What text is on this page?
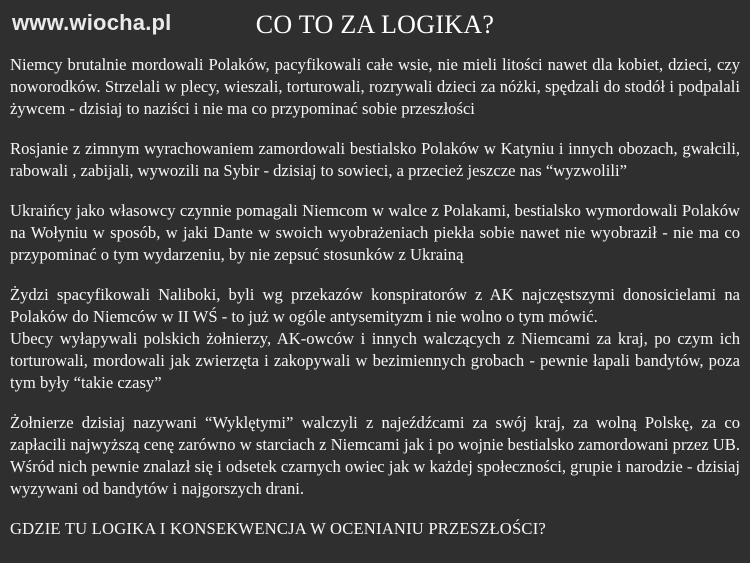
www.wiocha.pl	CO TO ZA LOGIKA?

Niemcy brutalnie mordowali Polaków, pacyfikowali całe wsie, nie mieli litości nawet dla kobiet, dzieci, czy noworodków. Strzelali w plecy, wieszali, torturowali, rozrywali dzieci za nóżki, spędzali do stodół i podpalali żywcem - dzisiaj to naziści i nie ma co przypominać sobie przeszłości

Rosjanie z zimnym wyrachowaniem zamordowali bestialsko Polaków w Katyniu i innych obozach, gwałcili, rabowali , zabijali, wywozili na Sybir - dzisiaj to sowieci, a przecież jeszcze nas “wyzwolili”

Ukraińcy jako własowcy czynnie pomagali Niemcom w walce z Polakami, bestialsko wymordowali Polaków na Wołyniu w sposób, w jaki Dante w swoich wyobrażeniach piekła sobie nawet nie wyobraził - nie ma co przypominać o tym wydarzeniu, by nie zepsuć stosunków z Ukrainą

Żydzi spacyfikowali Naliboki, byli wg przekazów konspiratorów z AK najczęstszymi donosicielami na Polaków do Niemców w II WŚ - to już w ogóle antysemityzm i nie wolno o tym mówić.

Ubecy wyłapywali polskich żołnierzy, AK-owców i innych walczących z Niemcami za kraj, po czym ich torturowali, mordowali jak zwierzęta i zakopywali w bezimiennych grobach - pewnie łapali bandytów, poza tym były “takie czasy”

Żołnierze dzisiaj nazywani “Wyklętymi” walczyli z najeźdźcami za swój kraj, za wolną Polskę, za co zapłacili najwyższą cenę zarówno w starciach z Niemcami jak i po wojnie bestialsko zamordowani przez UB. Wśród nich pewnie znalazł się i odsetek czarnych owiec jak w każdej społeczności, grupie i narodzie - dzisiaj wyzywani od bandytów i najgorszych drani.

GDZIE TU LOGIKA I KONSEKWENCJA W OCENIANIU PRZESZŁOŚCI?
